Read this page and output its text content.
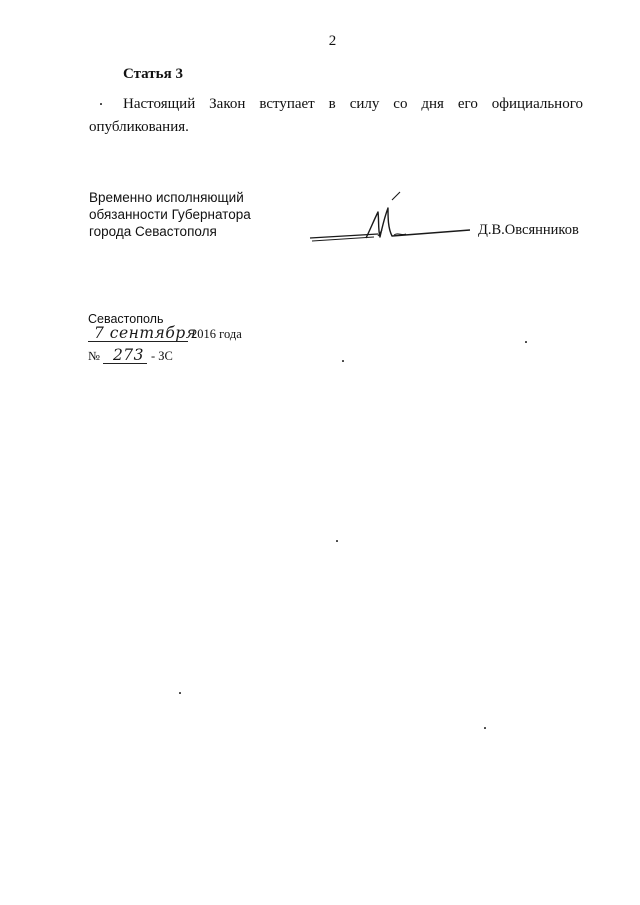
2
Статья 3
Настоящий Закон вступает в силу со дня его официального опубликования.
Временно исполняющий
обязанности Губернатора
города Севастополя	Д.В.Овсянников
Севастополь
7 сентября
2016 года
№ 273 - ЗС
